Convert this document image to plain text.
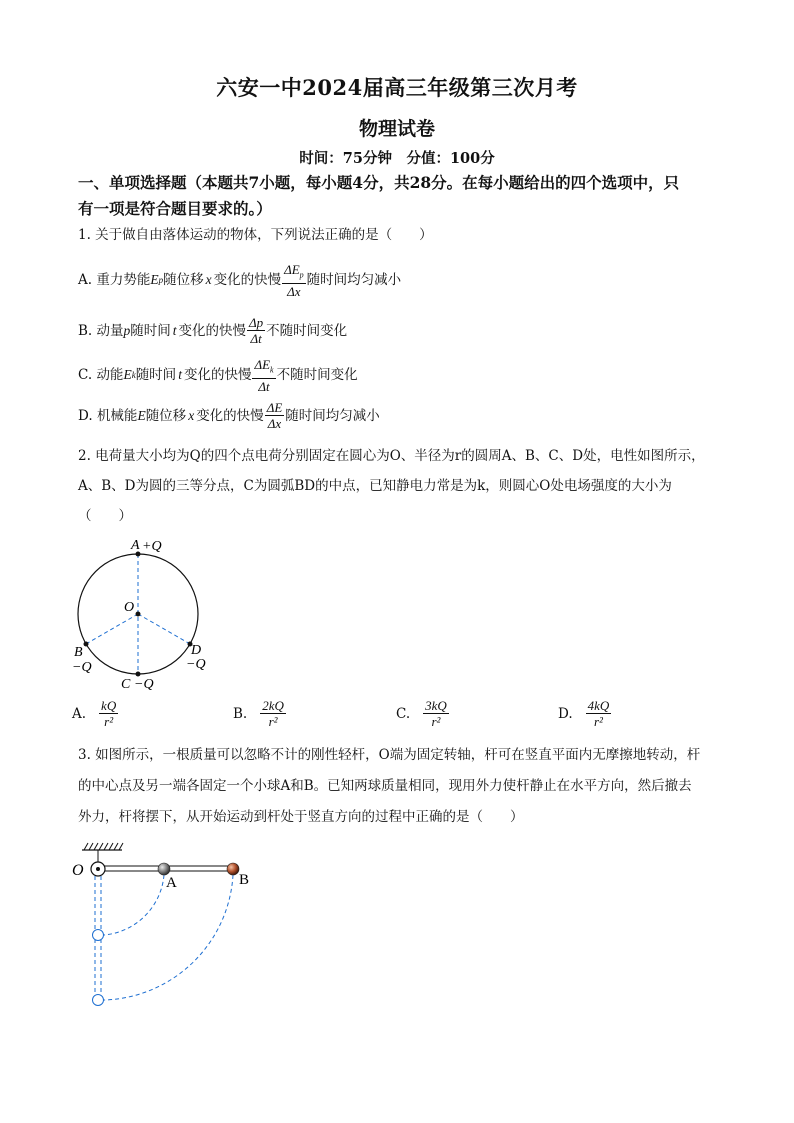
六安一中2024届高三年级第三次月考
物理试卷
时间：75分钟　分值：100分
一、单项选择题（本题共7小题，每小题4分，共28分。在每小题给出的四个选项中，只
有一项是符合题目要求的。）
1. 关于做自由落体运动的物体，下列说法正确的是（　　）
A.
重力势能 E p 随位移 x 变化的快慢 $\frac{\Delta E_p}{\Delta x}$ 随时间均匀减小
B.
动量 p 随时间 t 变化的快慢 $\frac{\Delta p}{\Delta t}$ 不随时间变化
C.
动能 E k 随时间 t 变化的快慢 $\frac{\Delta E_k}{\Delta t}$ 不随时间变化
D.
机械能 E 随位移 x 变化的快慢 $\frac{\Delta E}{\Delta x}$ 随时间均匀减小
2. 电荷量大小均为Q的四个点电荷分别固定在圆心为O、半径为r的圆周A、B、C、D处，电性如图所示，
A、B、D为圆的三等分点，C为圆弧BD的中点，已知静电力常是为k，则圆心O处电场强度的大小为
（　　）
A +Q
O
B
−Q
D
−Q
C −Q
A. $\frac{kQ}{\text{r²}}$	B. $\frac{2kQ}{\text{r²}}$	C. $\frac{3kQ}{\text{r²}}$	D. $\frac{4kQ}{\text{r²}}$
3. 如图所示，一根质量可以忽略不计的刚性轻杆，O端为固定转轴，杆可在竖直平面内无摩擦地转动，杆
的中心点及另一端各固定一个小球A和B。已知两球质量相同，现用外力使杆静止在水平方向，然后撤去
外力，杆将摆下，从开始运动到杆处于竖直方向的过程中正确的是（　　）
O
A	B
